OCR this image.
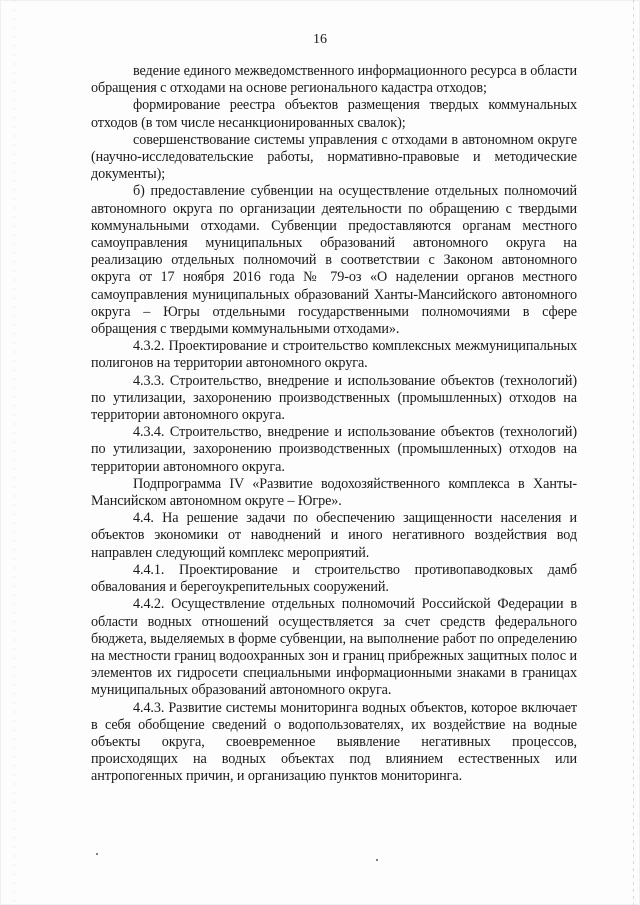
16

ведение единого межведомственного информационного ресурса в области обращения с отходами на основе регионального кадастра отходов;

формирование реестра объектов размещения твердых коммунальных отходов (в том числе несанкционированных свалок);

совершенствование системы управления с отходами в автономном округе (научно-исследовательские работы, нормативно-правовые и методические документы);

б) предоставление субвенции на осуществление отдельных полномочий автономного округа по организации деятельности по обращению с твердыми коммунальными отходами. Субвенции предоставляются органам местного самоуправления муниципальных образований автономного округа на реализацию отдельных полномочий в соответствии с Законом автономного округа от 17 ноября 2016 года № 79-оз «О наделении органов местного самоуправления муниципальных образований Ханты-Мансийского автономного округа – Югры отдельными государственными полномочиями в сфере обращения с твердыми коммунальными отходами».

4.3.2. Проектирование и строительство комплексных межмуниципальных полигонов на территории автономного округа.

4.3.3. Строительство, внедрение и использование объектов (технологий) по утилизации, захоронению производственных (промышленных) отходов на территории автономного округа.

4.3.4. Строительство, внедрение и использование объектов (технологий) по утилизации, захоронению производственных (промышленных) отходов на территории автономного округа.

Подпрограмма IV «Развитие водохозяйственного комплекса в Ханты-Мансийском автономном округе – Югре».

4.4. На решение задачи по обеспечению защищенности населения и объектов экономики от наводнений и иного негативного воздействия вод направлен следующий комплекс мероприятий.

4.4.1. Проектирование и строительство противопаводковых дамб обвалования и берегоукрепительных сооружений.

4.4.2. Осуществление отдельных полномочий Российской Федерации в области водных отношений осуществляется за счет средств федерального бюджета, выделяемых в форме субвенции, на выполнение работ по определению на местности границ водоохранных зон и границ прибрежных защитных полос и элементов их гидросети специальными информационными знаками в границах муниципальных образований автономного округа.

4.4.3. Развитие системы мониторинга водных объектов, которое включает в себя обобщение сведений о водопользователях, их воздействие на водные объекты округа, своевременное выявление негативных процессов, происходящих на водных объектах под влиянием естественных или антропогенных причин, и организацию пунктов мониторинга.
